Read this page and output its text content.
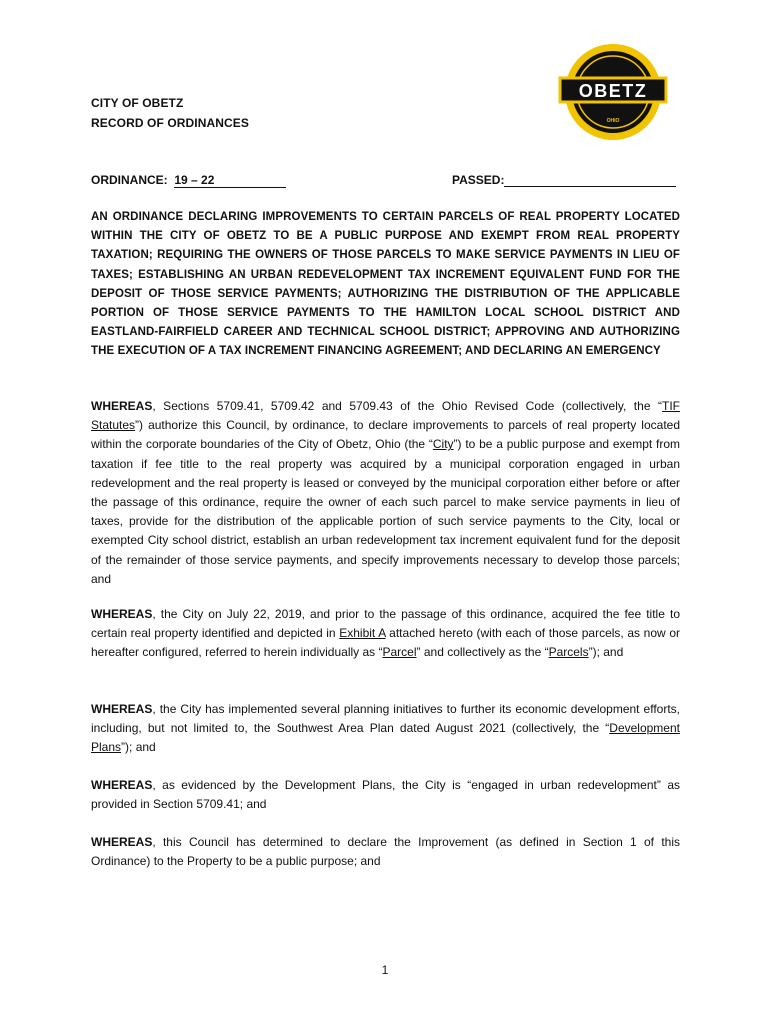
OBETZ
OHIO
CITY OF OBETZ
RECORD OF ORDINANCES
ORDINANCE: 19 – 22	PASSED:
AN ORDINANCE DECLARING IMPROVEMENTS TO CERTAIN PARCELS OF REAL PROPERTY LOCATED WITHIN THE CITY OF OBETZ TO BE A PUBLIC PURPOSE AND EXEMPT FROM REAL PROPERTY TAXATION; REQUIRING THE OWNERS OF THOSE PARCELS TO MAKE SERVICE PAYMENTS IN LIEU OF TAXES; ESTABLISHING AN URBAN REDEVELOPMENT TAX INCREMENT EQUIVALENT FUND FOR THE DEPOSIT OF THOSE SERVICE PAYMENTS; AUTHORIZING THE DISTRIBUTION OF THE APPLICABLE PORTION OF THOSE SERVICE PAYMENTS TO THE HAMILTON LOCAL SCHOOL DISTRICT AND EASTLAND-FAIRFIELD CAREER AND TECHNICAL SCHOOL DISTRICT; APPROVING AND AUTHORIZING THE EXECUTION OF A TAX INCREMENT FINANCING AGREEMENT; AND DECLARING AN EMERGENCY

WHEREAS, Sections 5709.41, 5709.42 and 5709.43 of the Ohio Revised Code (collectively, the “TIF Statutes”) authorize this Council, by ordinance, to declare improvements to parcels of real property located within the corporate boundaries of the City of Obetz, Ohio (the “City”) to be a public purpose and exempt from taxation if fee title to the real property was acquired by a municipal corporation engaged in urban redevelopment and the real property is leased or conveyed by the municipal corporation either before or after the passage of this ordinance, require the owner of each such parcel to make service payments in lieu of taxes, provide for the distribution of the applicable portion of such service payments to the City, local or exempted City school district, establish an urban redevelopment tax increment equivalent fund for the deposit of the remainder of those service payments, and specify improvements necessary to develop those parcels; and

WHEREAS, the City on July 22, 2019, and prior to the passage of this ordinance, acquired the fee title to certain real property identified and depicted in Exhibit A attached hereto (with each of those parcels, as now or hereafter configured, referred to herein individually as “Parcel” and collectively as the “Parcels”); and

WHEREAS, the City has implemented several planning initiatives to further its economic development efforts, including, but not limited to, the Southwest Area Plan dated August 2021 (collectively, the “Development Plans”); and

WHEREAS, as evidenced by the Development Plans, the City is “engaged in urban redevelopment” as provided in Section 5709.41; and

WHEREAS, this Council has determined to declare the Improvement (as defined in Section 1 of this Ordinance) to the Property to be a public purpose; and

1
